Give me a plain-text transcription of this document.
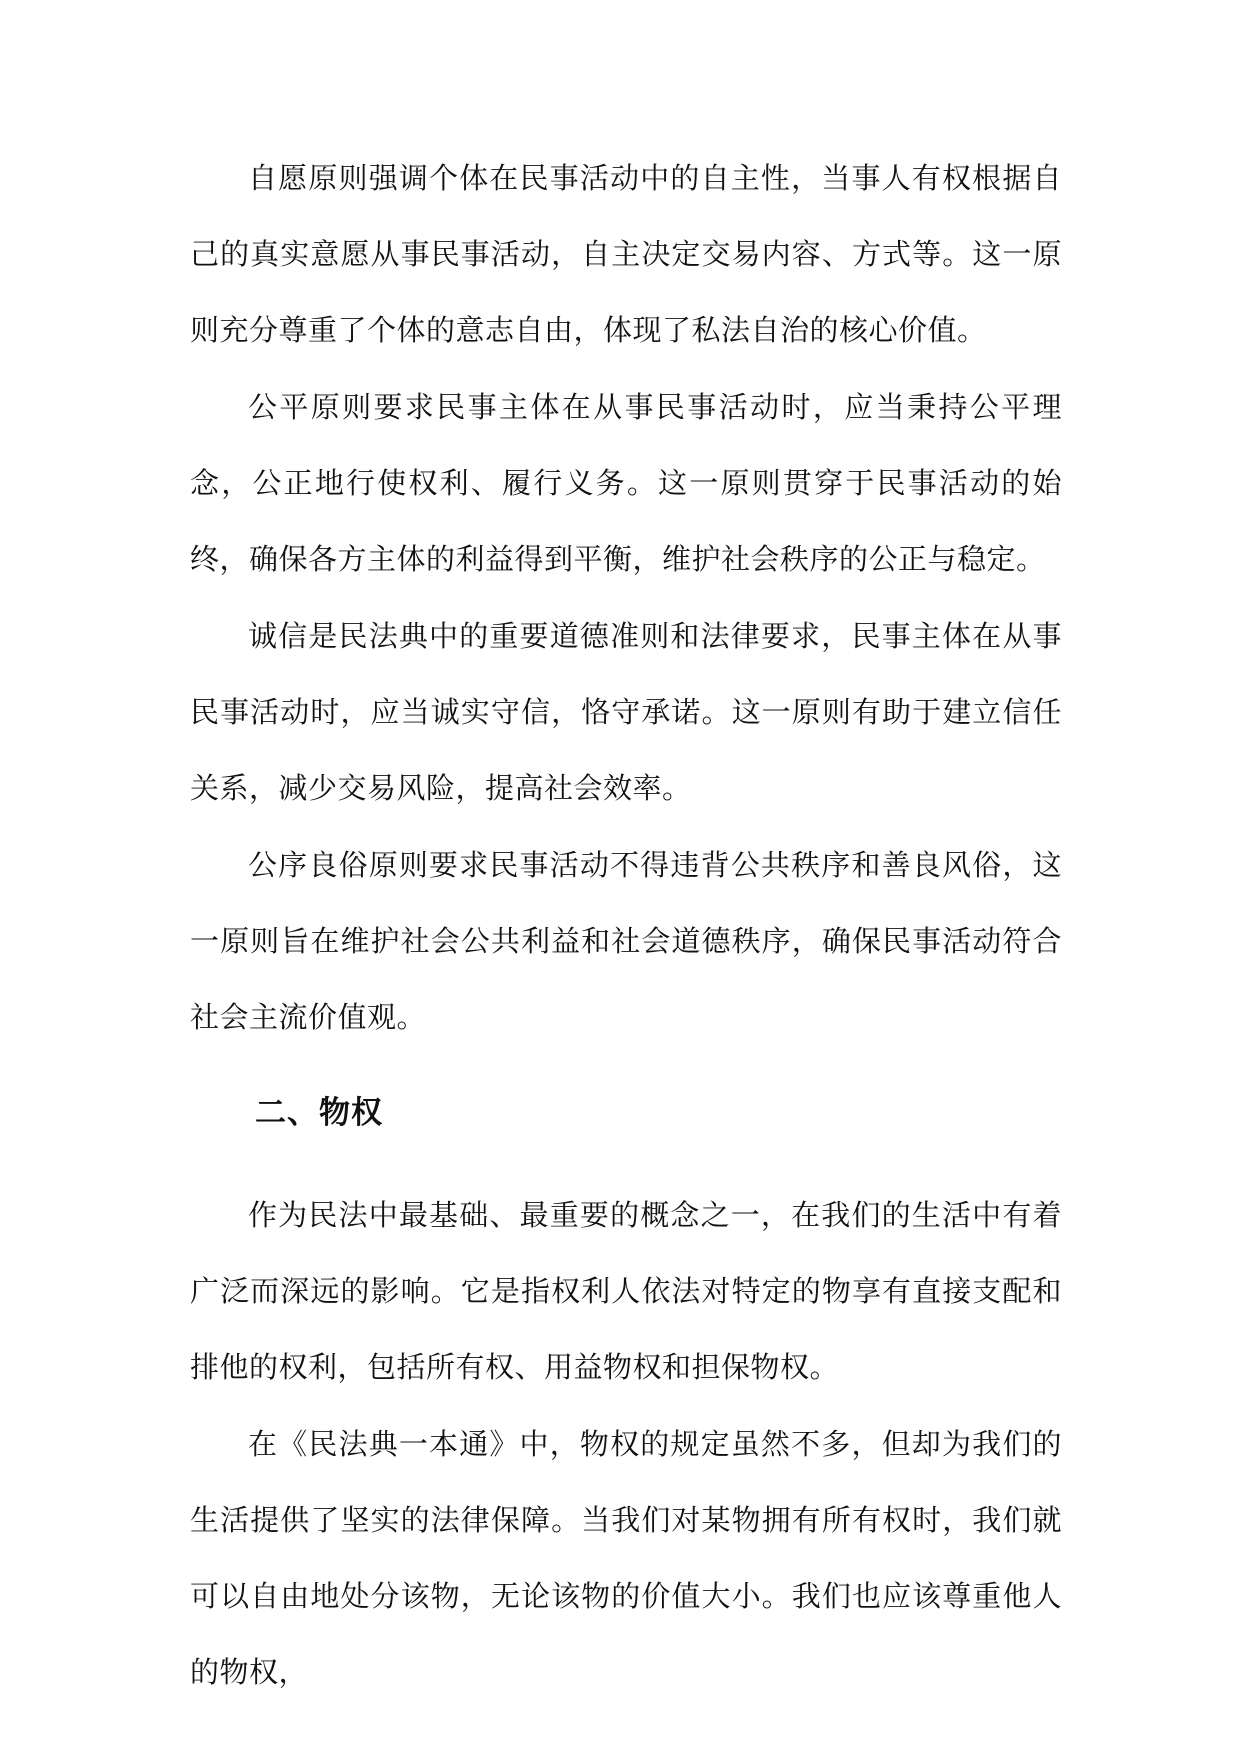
自愿原则强调个体在民事活动中的自主性，当事人有权根据自己的真实意愿从事民事活动，自主决定交易内容、方式等。这一原则充分尊重了个体的意志自由，体现了私法自治的核心价值。

公平原则要求民事主体在从事民事活动时，应当秉持公平理念，公正地行使权利、履行义务。这一原则贯穿于民事活动的始终，确保各方主体的利益得到平衡，维护社会秩序的公正与稳定。

诚信是民法典中的重要道德准则和法律要求，民事主体在从事民事活动时，应当诚实守信，恪守承诺。这一原则有助于建立信任关系，减少交易风险，提高社会效率。

公序良俗原则要求民事活动不得违背公共秩序和善良风俗，这一原则旨在维护社会公共利益和社会道德秩序，确保民事活动符合社会主流价值观。

二、物权

作为民法中最基础、最重要的概念之一，在我们的生活中有着广泛而深远的影响。它是指权利人依法对特定的物享有直接支配和排他的权利，包括所有权、用益物权和担保物权。

在《民法典一本通》中，物权的规定虽然不多，但却为我们的生活提供了坚实的法律保障。当我们对某物拥有所有权时，我们就可以自由地处分该物，无论该物的价值大小。我们也应该尊重他人的物权，
